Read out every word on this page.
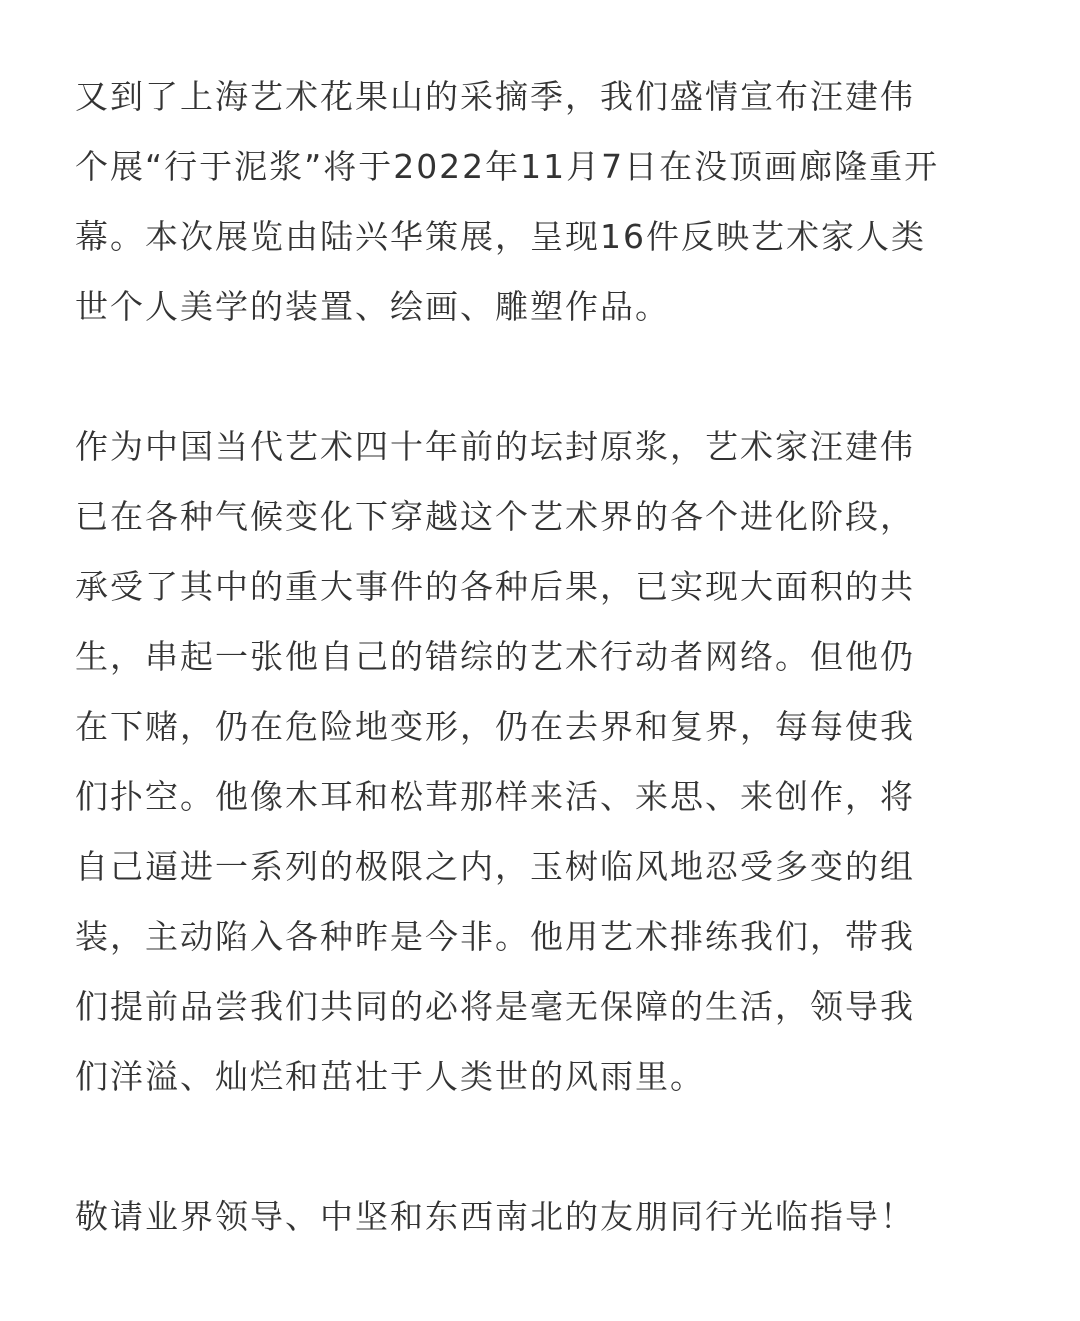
又到了上海艺术花果山的采摘季，我们盛情宣布汪建伟
个展“行于泥浆”将于2022年11月7日在没顶画廊隆重开
幕。本次展览由陆兴华策展，呈现16件反映艺术家人类
世个人美学的装置、绘画、雕塑作品。

作为中国当代艺术四十年前的坛封原浆，艺术家汪建伟
已在各种气候变化下穿越这个艺术界的各个进化阶段，
承受了其中的重大事件的各种后果，已实现大面积的共
生，串起一张他自己的错综的艺术行动者网络。但他仍
在下赌，仍在危险地变形，仍在去界和复界，每每使我
们扑空。他像木耳和松茸那样来活、来思、来创作，将
自己逼进一系列的极限之内，玉树临风地忍受多变的组
装，主动陷入各种昨是今非。他用艺术排练我们，带我
们提前品尝我们共同的必将是毫无保障的生活，领导我
们洋溢、灿烂和茁壮于人类世的风雨里。

敬请业界领导、中坚和东西南北的友朋同行光临指导！
